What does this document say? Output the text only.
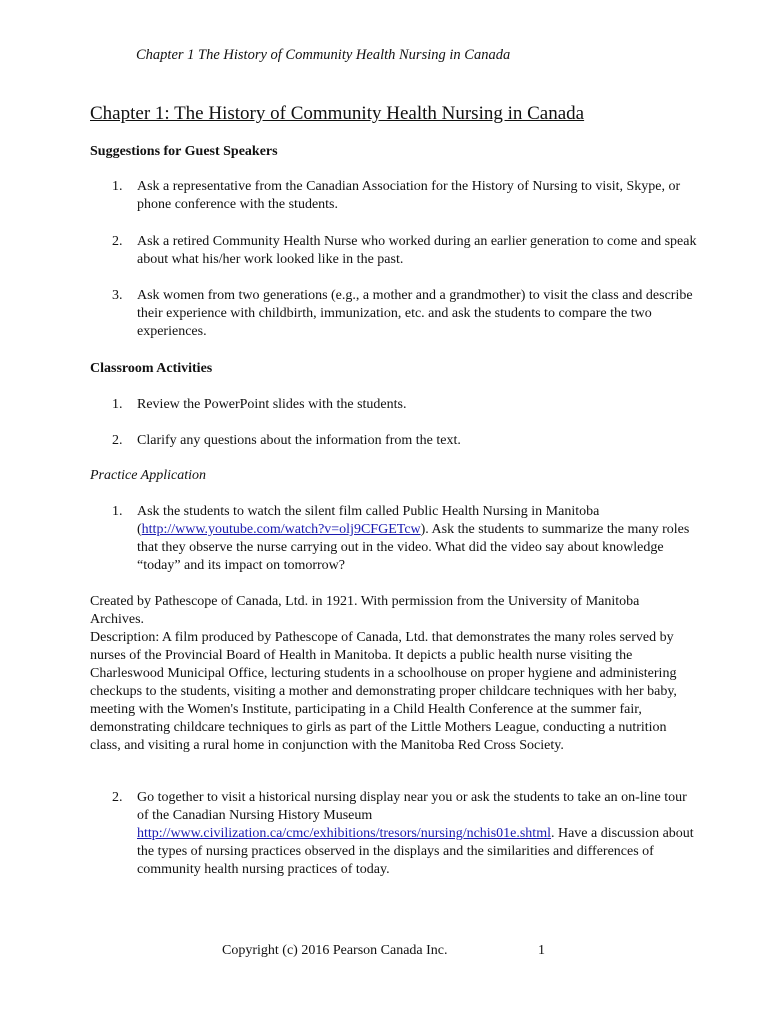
Chapter 1 The History of Community Health Nursing in Canada
Chapter 1: The History of Community Health Nursing in Canada
Suggestions for Guest Speakers
1. Ask a representative from the Canadian Association for the History of Nursing to visit, Skype, or phone conference with the students.
2. Ask a retired Community Health Nurse who worked during an earlier generation to come and speak about what his/her work looked like in the past.
3. Ask women from two generations (e.g., a mother and a grandmother) to visit the class and describe their experience with childbirth, immunization, etc. and ask the students to compare the two experiences.
Classroom Activities
1. Review the PowerPoint slides with the students.
2. Clarify any questions about the information from the text.
Practice Application
1. Ask the students to watch the silent film called Public Health Nursing in Manitoba (http://www.youtube.com/watch?v=olj9CFGETcw). Ask the students to summarize the many roles that they observe the nurse carrying out in the video. What did the video say about knowledge “today” and its impact on tomorrow?
Created by Pathescope of Canada, Ltd. in 1921. With permission from the University of Manitoba Archives.
Description: A film produced by Pathescope of Canada, Ltd. that demonstrates the many roles served by nurses of the Provincial Board of Health in Manitoba. It depicts a public health nurse visiting the Charleswood Municipal Office, lecturing students in a schoolhouse on proper hygiene and administering checkups to the students, visiting a mother and demonstrating proper childcare techniques with her baby, meeting with the Women's Institute, participating in a Child Health Conference at the summer fair, demonstrating childcare techniques to girls as part of the Little Mothers League, conducting a nutrition class, and visiting a rural home in conjunction with the Manitoba Red Cross Society.
2. Go together to visit a historical nursing display near you or ask the students to take an on-line tour of the Canadian Nursing History Museum http://www.civilization.ca/cmc/exhibitions/tresors/nursing/nchis01e.shtml. Have a discussion about the types of nursing practices observed in the displays and the similarities and differences of community health nursing practices of today.
Copyright (c) 2016 Pearson Canada Inc.	1
